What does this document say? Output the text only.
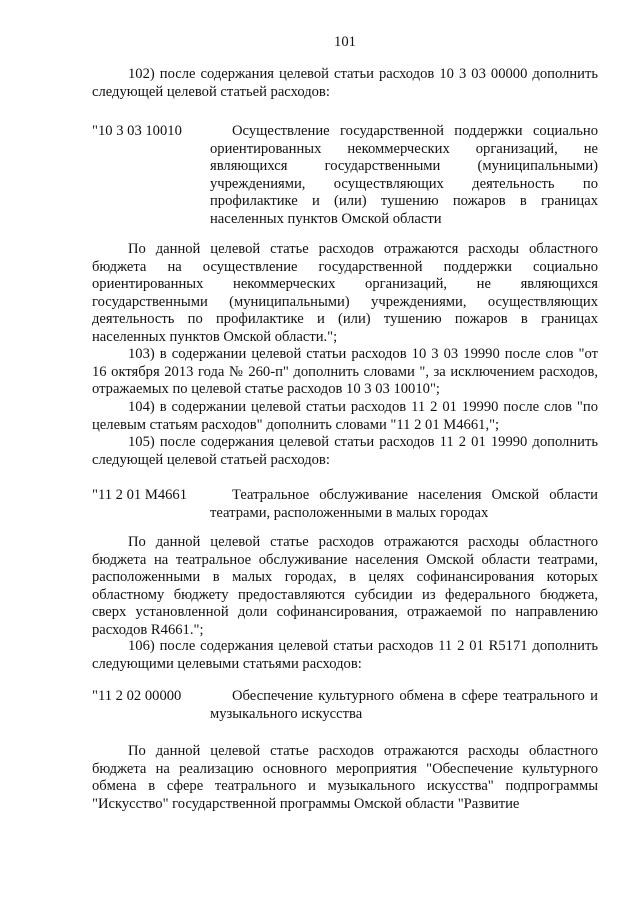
101
102) после содержания целевой статьи расходов 10 3 03 00000 дополнить следующей целевой статьей расходов:
"10 3 03 10010	Осуществление государственной поддержки социально ориентированных некоммерческих организаций, не являющихся государственными (муниципальными) учреждениями, осуществляющих деятельность по профилактике и (или) тушению пожаров в границах населенных пунктов Омской области
По данной целевой статье расходов отражаются расходы областного бюджета на осуществление государственной поддержки социально ориентированных некоммерческих организаций, не являющихся государственными (муниципальными) учреждениями, осуществляющих деятельность по профилактике и (или) тушению пожаров в границах населенных пунктов Омской области.";
103) в содержании целевой статьи расходов 10 3 03 19990 после слов "от 16 октября 2013 года № 260-п" дополнить словами ", за исключением расходов, отражаемых по целевой статье расходов 10 3 03 10010";
104) в содержании целевой статьи расходов 11 2 01 19990 после слов "по целевым статьям расходов" дополнить словами "11 2 01 М4661,";
105) после содержания целевой статьи расходов 11 2 01 19990 дополнить следующей целевой статьей расходов:
"11 2 01 М4661	Театральное обслуживание населения Омской области театрами, расположенными в малых городах
По данной целевой статье расходов отражаются расходы областного бюджета на театральное обслуживание населения Омской области театрами, расположенными в малых городах, в целях софинансирования которых областному бюджету предоставляются субсидии из федерального бюджета, сверх установленной доли софинансирования, отражаемой по направлению расходов R4661.";
106) после содержания целевой статьи расходов 11 2 01 R5171 дополнить следующими целевыми статьями расходов:
"11 2 02 00000	Обеспечение культурного обмена в сфере театрального и музыкального искусства
По данной целевой статье расходов отражаются расходы областного бюджета на реализацию основного мероприятия "Обеспечение культурного обмена в сфере театрального и музыкального искусства" подпрограммы "Искусство" государственной программы Омской области "Развитие
